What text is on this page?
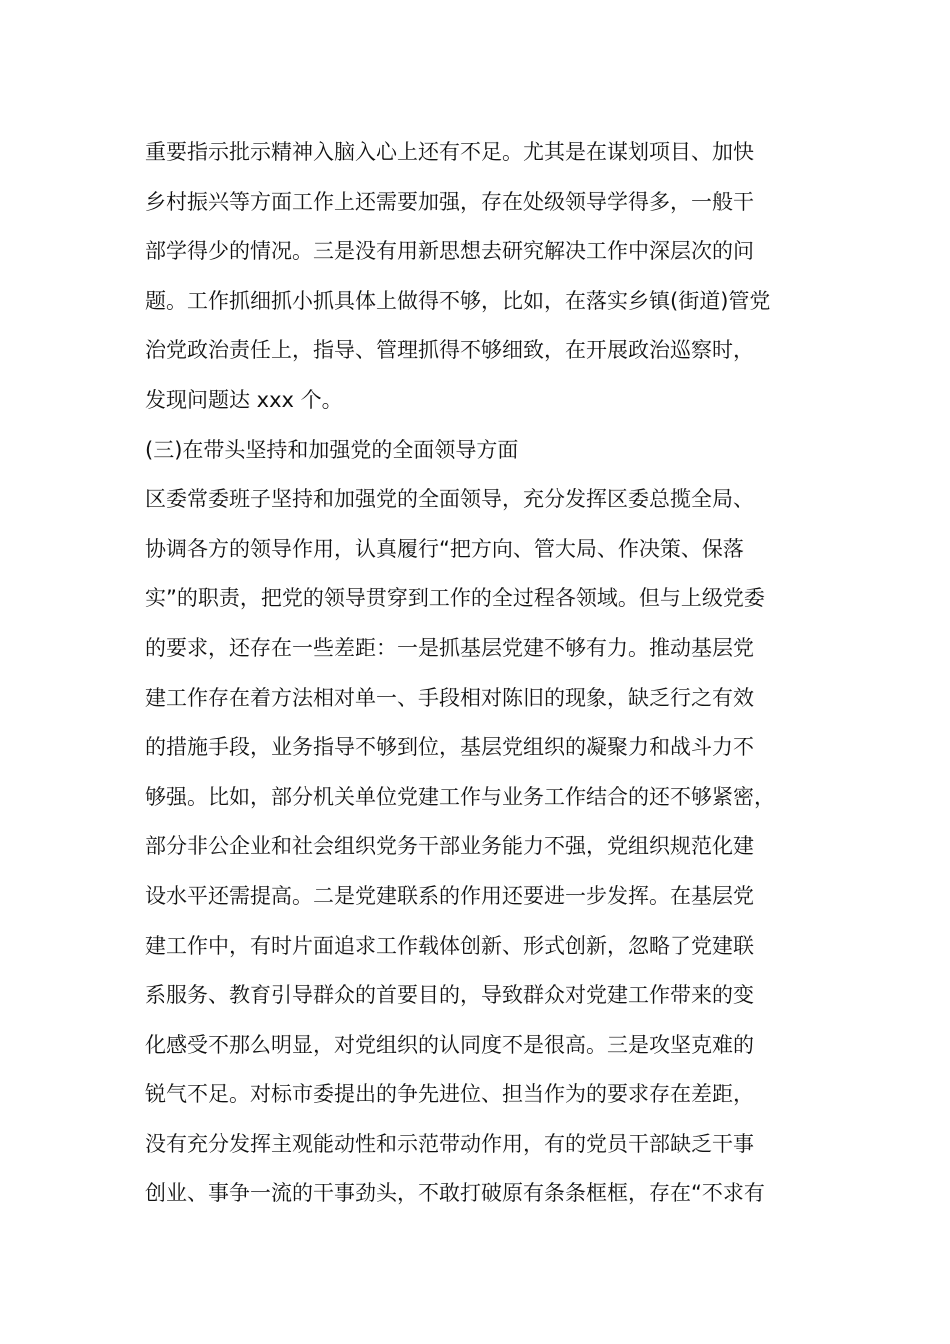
重要指示批示精神入脑入心上还有不足。尤其是在谋划项目、加快
乡村振兴等方面工作上还需要加强，存在处级领导学得多，一般干
部学得少的情况。三是没有用新思想去研究解决工作中深层次的问
题。工作抓细抓小抓具体上做得不够，比如，在落实乡镇(街道)管党
治党政治责任上，指导、管理抓得不够细致，在开展政治巡察时，
发现问题达 xxx 个。
(三)在带头坚持和加强党的全面领导方面
区委常委班子坚持和加强党的全面领导，充分发挥区委总揽全局、
协调各方的领导作用，认真履行“把方向、管大局、作决策、保落
实”的职责，把党的领导贯穿到工作的全过程各领域。但与上级党委
的要求，还存在一些差距：一是抓基层党建不够有力。推动基层党
建工作存在着方法相对单一、手段相对陈旧的现象，缺乏行之有效
的措施手段，业务指导不够到位，基层党组织的凝聚力和战斗力不
够强。比如，部分机关单位党建工作与业务工作结合的还不够紧密，
部分非公企业和社会组织党务干部业务能力不强，党组织规范化建
设水平还需提高。二是党建联系的作用还要进一步发挥。在基层党
建工作中，有时片面追求工作载体创新、形式创新，忽略了党建联
系服务、教育引导群众的首要目的，导致群众对党建工作带来的变
化感受不那么明显，对党组织的认同度不是很高。三是攻坚克难的
锐气不足。对标市委提出的争先进位、担当作为的要求存在差距，
没有充分发挥主观能动性和示范带动作用，有的党员干部缺乏干事
创业、事争一流的干事劲头，不敢打破原有条条框框，存在“不求有
